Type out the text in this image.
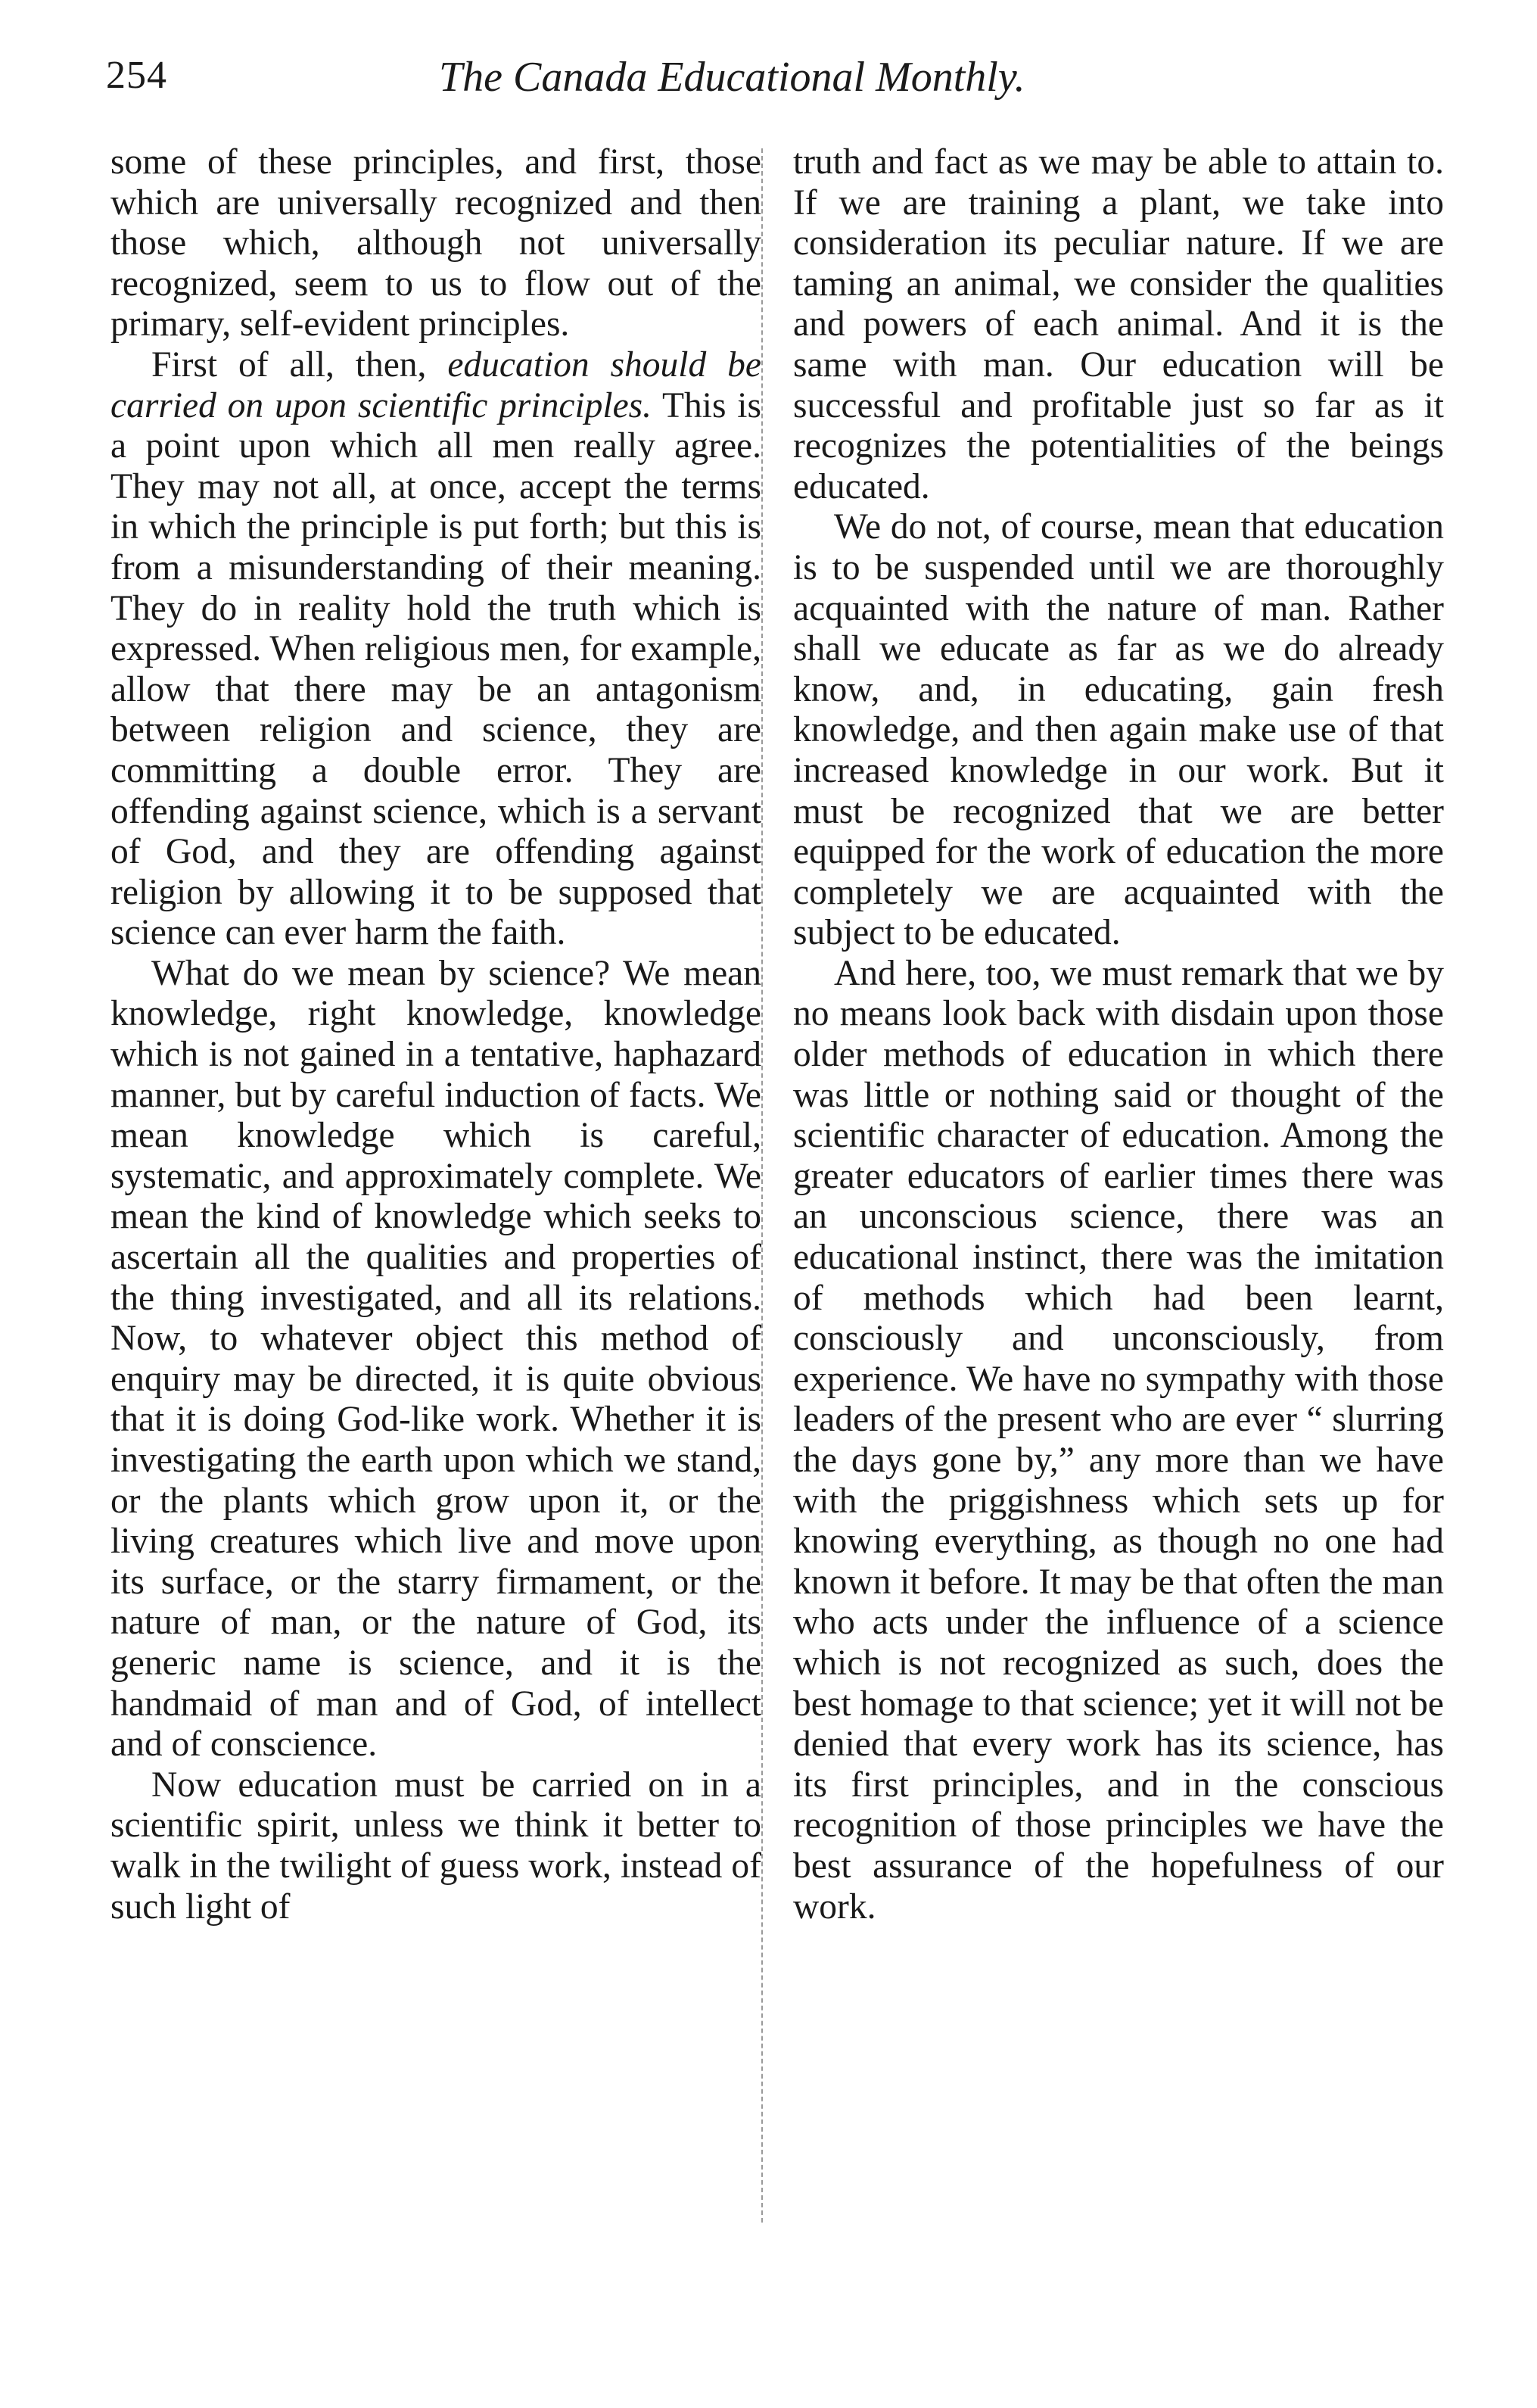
254	The Canada Educational Monthly.

some of these principles, and first, those which are universally recognized and then those which, although not universally recognized, seem to us to flow out of the primary, self-evident principles.

First of all, then, education should be carried on upon scientific principles. This is a point upon which all men really agree. They may not all, at once, accept the terms in which the principle is put forth; but this is from a misunderstanding of their meaning. They do in reality hold the truth which is expressed. When religious men, for example, allow that there may be an antagonism between religion and science, they are committing a double error. They are offending against science, which is a servant of God, and they are offending against religion by allowing it to be supposed that science can ever harm the faith.

What do we mean by science? We mean knowledge, right knowledge, knowledge which is not gained in a tentative, haphazard manner, but by careful induction of facts. We mean knowledge which is careful, systematic, and approximately complete. We mean the kind of knowledge which seeks to ascertain all the qualities and properties of the thing investigated, and all its relations. Now, to whatever object this method of enquiry may be directed, it is quite obvious that it is doing God-like work. Whether it is investigating the earth upon which we stand, or the plants which grow upon it, or the living creatures which live and move upon its surface, or the starry firmament, or the nature of man, or the nature of God, its generic name is science, and it is the handmaid of man and of God, of intellect and of conscience.

Now education must be carried on in a scientific spirit, unless we think it better to walk in the twilight of guess work, instead of such light of

truth and fact as we may be able to attain to. If we are training a plant, we take into consideration its peculiar nature. If we are taming an animal, we consider the qualities and powers of each animal. And it is the same with man. Our education will be successful and profitable just so far as it recognizes the potentialities of the beings educated.

We do not, of course, mean that education is to be suspended until we are thoroughly acquainted with the nature of man. Rather shall we educate as far as we do already know, and, in educating, gain fresh knowledge, and then again make use of that increased knowledge in our work. But it must be recognized that we are better equipped for the work of education the more completely we are acquainted with the subject to be educated.

And here, too, we must remark that we by no means look back with disdain upon those older methods of education in which there was little or nothing said or thought of the scientific character of education. Among the greater educators of earlier times there was an unconscious science, there was an educational instinct, there was the imitation of methods which had been learnt, consciously and unconsciously, from experience. We have no sympathy with those leaders of the present who are ever “ slurring the days gone by,” any more than we have with the priggishness which sets up for knowing everything, as though no one had known it before. It may be that often the man who acts under the influence of a science which is not recognized as such, does the best homage to that science; yet it will not be denied that every work has its science, has its first principles, and in the conscious recognition of those principles we have the best assurance of the hopefulness of our work.
